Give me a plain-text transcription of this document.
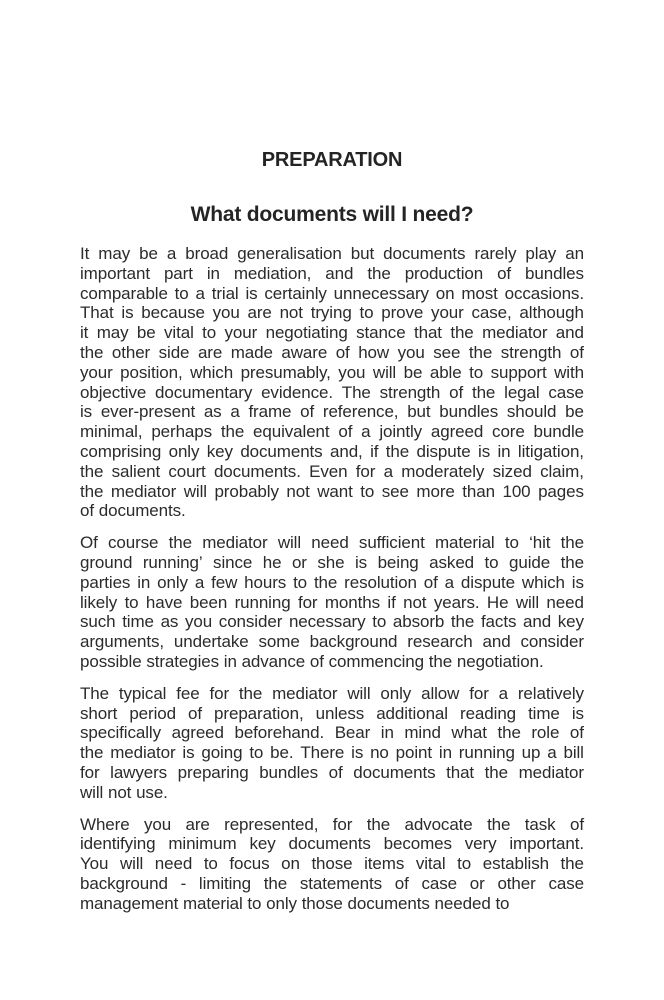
PREPARATION
What documents will I need?
It may be a broad generalisation but documents rarely play an
important part in mediation, and the production of bundles
comparable to a trial is certainly unnecessary on most occasions.
That is because you are not trying to prove your case, although
it may be vital to your negotiating stance that the mediator and
the other side are made aware of how you see the strength of
your position, which presumably, you will be able to support with
objective documentary evidence. The strength of the legal case
is ever-present as a frame of reference, but bundles should be
minimal, perhaps the equivalent of a jointly agreed core bundle
comprising only key documents and, if the dispute is in litigation,
the salient court documents. Even for a moderately sized claim,
the mediator will probably not want to see more than 100 pages
of documents.
Of course the mediator will need sufficient material to ‘hit the
ground running’ since he or she is being asked to guide the
parties in only a few hours to the resolution of a dispute which is
likely to have been running for months if not years. He will need
such time as you consider necessary to absorb the facts and key
arguments, undertake some background research and consider
possible strategies in advance of commencing the negotiation.
The typical fee for the mediator will only allow for a relatively
short period of preparation, unless additional reading time is
specifically agreed beforehand. Bear in mind what the role of
the mediator is going to be. There is no point in running up a bill
for lawyers preparing bundles of documents that the mediator
will not use.
Where you are represented, for the advocate the task of
identifying minimum key documents becomes very important.
You will need to focus on those items vital to establish the
background - limiting the statements of case or other case
management material to only those documents needed to
